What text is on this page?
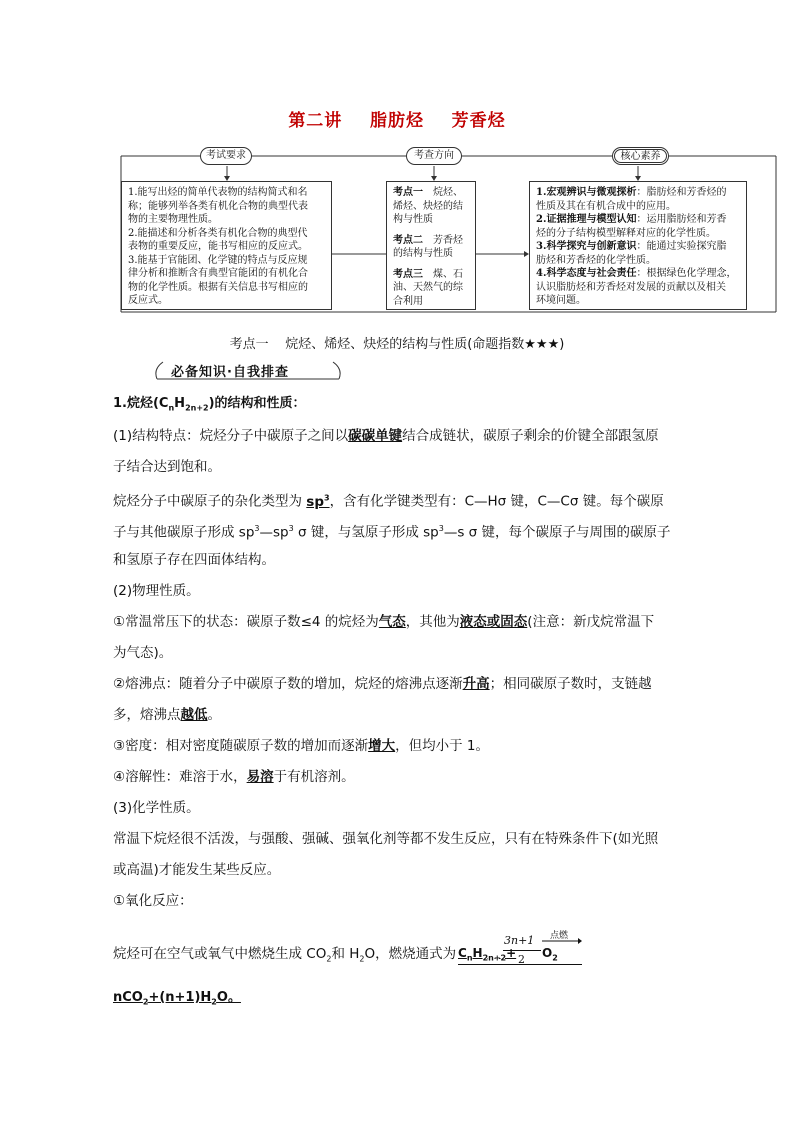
第二讲    脂肪烃    芳香烃
考试要求	考查方向	核心素养
1.能写出烃的简单代表物的结构简式和名
称；能够列举各类有机化合物的典型代表
物的主要物理性质。
2.能描述和分析各类有机化合物的典型代
表物的重要反应，能书写相应的反应式。
3.能基于官能团、化学键的特点与反应规
律分析和推断含有典型官能团的有机化合
物的化学性质。根据有关信息书写相应的
反应式。
考点一　 烷烃、
烯烃、炔烃的结
构与性质
考点二　 芳香烃
的结构与性质
考点三　 煤、石
油、天然气的综
合利用
1.宏观辨识与微观探析：脂肪烃和芳香烃的
性质及其在有机合成中的应用。
2.证据推理与模型认知：运用脂肪烃和芳香
烃的分子结构模型解释对应的化学性质。
3.科学探究与创新意识：能通过实验探究脂
肪烃和芳香烃的化学性质。
4.科学态度与社会责任：根据绿色化学理念，
认识脂肪烃和芳香烃对发展的贡献以及相关
环境问题。
考点一    烷烃、烯烃、炔烃的结构与性质(命题指数★★★)
必备知识·自我排查
1.烷烃$(C_nH_{2n+2})$的结构和性质：
(1)结构特点：烷烃分子中碳原子之间以碳碳单键结合成链状，碳原子剩余的价键全部跟氢原
子结合达到饱和。
烷烃分子中碳原子的杂化类型为 $sp^3$，含有化学键类型有：C—Hσ 键，C—Cσ 键。每个碳原
子与其他碳原子形成 $sp^3—sp^3$ σ 键，与氢原子形成 $sp^3—s$ σ 键，每个碳原子与周围的碳原子
和氢原子存在四面体结构。
(2)物理性质。
①常温常压下的状态：碳原子数≤4 的烷烃为气态，其他为液态或固态(注意：新戊烷常温下
为气态)。
②熔沸点：随着分子中碳原子数的增加，烷烃的熔沸点逐渐升高；相同碳原子数时，支链越
多，熔沸点越低。
③密度：相对密度随碳原子数的增加而逐渐增大，但均小于 1。
④溶解性：难溶于水，易溶于有机溶剂。
(3)化学性质。
常温下烷烃很不活泼，与强酸、强碱、强氧化剂等都不发生反应，只有在特殊条件下(如光照
或高温)才能发生某些反应。
①氧化反应：
烷烃可在空气或氧气中燃烧生成 $CO_2$和 $H_2O$，燃烧通式为 $C_nH_{2n+2}+$
3n+1
2 $O_2$
点燃
$nCO_2+(n+1)H_2O$。
